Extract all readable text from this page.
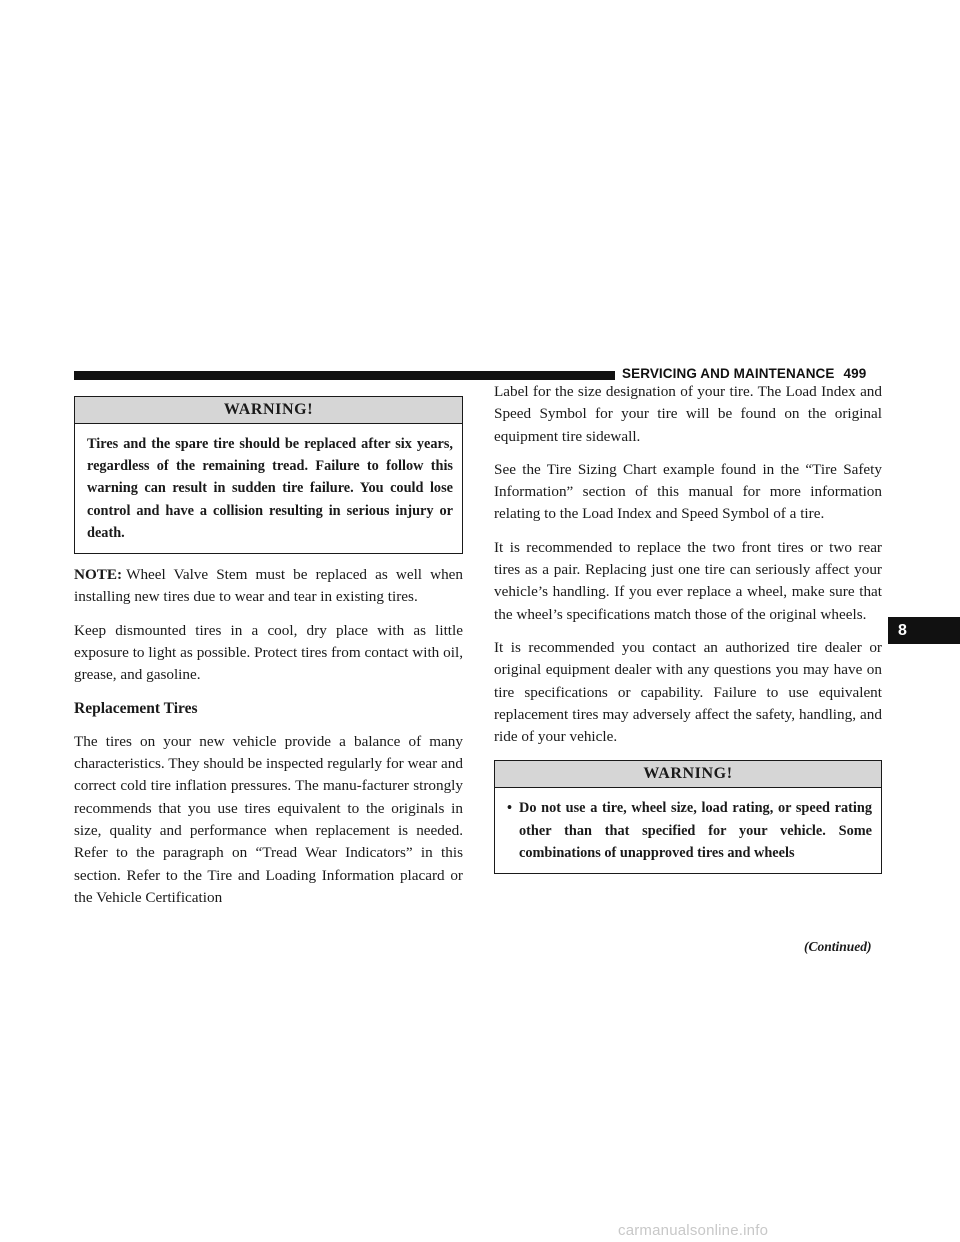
SERVICING AND MAINTENANCE 499
WARNING!
Tires and the spare tire should be replaced after six years, regardless of the remaining tread. Failure to follow this warning can result in sudden tire failure. You could lose control and have a collision resulting in serious injury or death.

NOTE: Wheel Valve Stem must be replaced as well when installing new tires due to wear and tear in existing tires.

Keep dismounted tires in a cool, dry place with as little exposure to light as possible. Protect tires from contact with oil, grease, and gasoline.

Replacement Tires

The tires on your new vehicle provide a balance of many characteristics. They should be inspected regularly for wear and correct cold tire inflation pressures. The manu-facturer strongly recommends that you use tires equivalent to the originals in size, quality and performance when replacement is needed. Refer to the paragraph on “Tread Wear Indicators” in this section. Refer to the Tire and Loading Information placard or the Vehicle Certification

Label for the size designation of your tire. The Load Index and Speed Symbol for your tire will be found on the original equipment tire sidewall.

See the Tire Sizing Chart example found in the “Tire Safety Information” section of this manual for more information relating to the Load Index and Speed Symbol of a tire.

It is recommended to replace the two front tires or two rear tires as a pair. Replacing just one tire can seriously affect your vehicle’s handling. If you ever replace a wheel, make sure that the wheel’s specifications match those of the original wheels.

It is recommended you contact an authorized tire dealer or original equipment dealer with any questions you may have on tire specifications or capability. Failure to use equivalent replacement tires may adversely affect the safety, handling, and ride of your vehicle.

WARNING!
• Do not use a tire, wheel size, load rating, or speed rating other than that specified for your vehicle. Some combinations of unapproved tires and wheels
(Continued)
8
carmanualsonline.info
